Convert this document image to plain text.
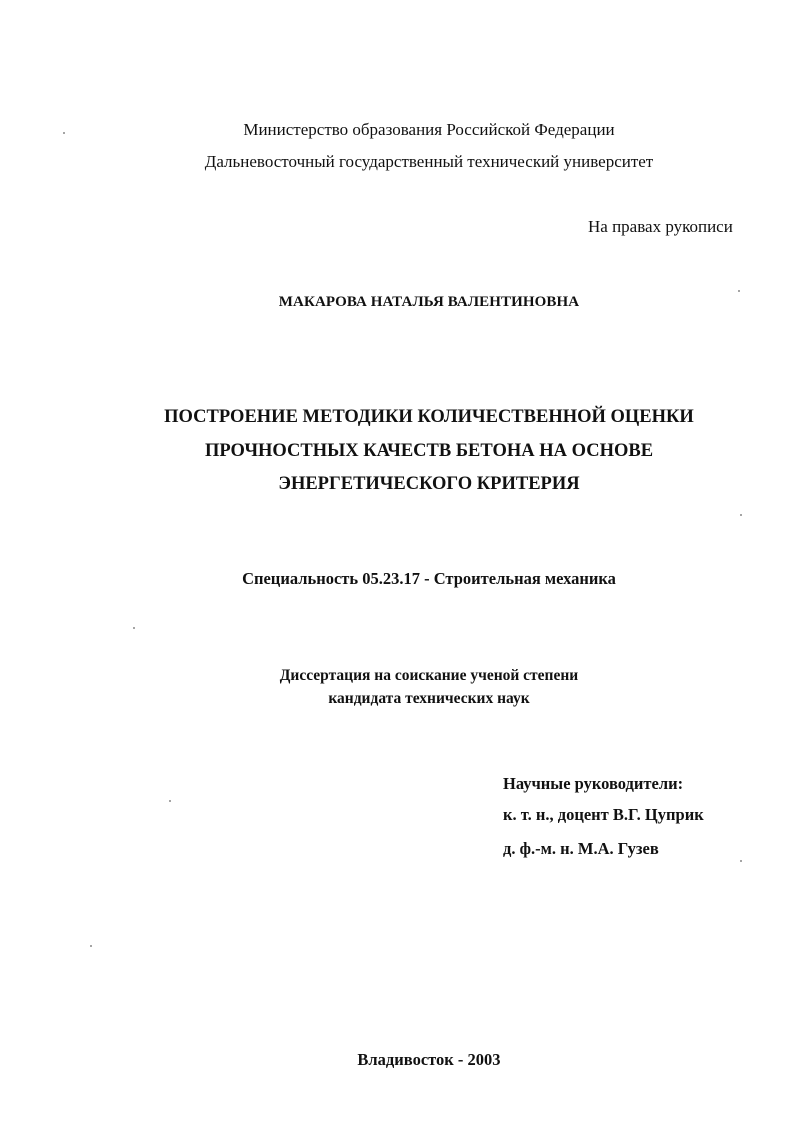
Министерство образования Российской Федерации
Дальневосточный государственный технический университет
На правах рукописи
МАКАРОВА НАТАЛЬЯ ВАЛЕНТИНОВНА
ПОСТРОЕНИЕ МЕТОДИКИ КОЛИЧЕСТВЕННОЙ ОЦЕНКИ
ПРОЧНОСТНЫХ КАЧЕСТВ БЕТОНА НА ОСНОВЕ
ЭНЕРГЕТИЧЕСКОГО КРИТЕРИЯ
Специальность 05.23.17 - Строительная механика
Диссертация на соискание ученой степени
кандидата технических наук
Научные руководители:
к. т. н., доцент В.Г. Цуприк
д. ф.-м. н. М.А. Гузев
Владивосток - 2003
